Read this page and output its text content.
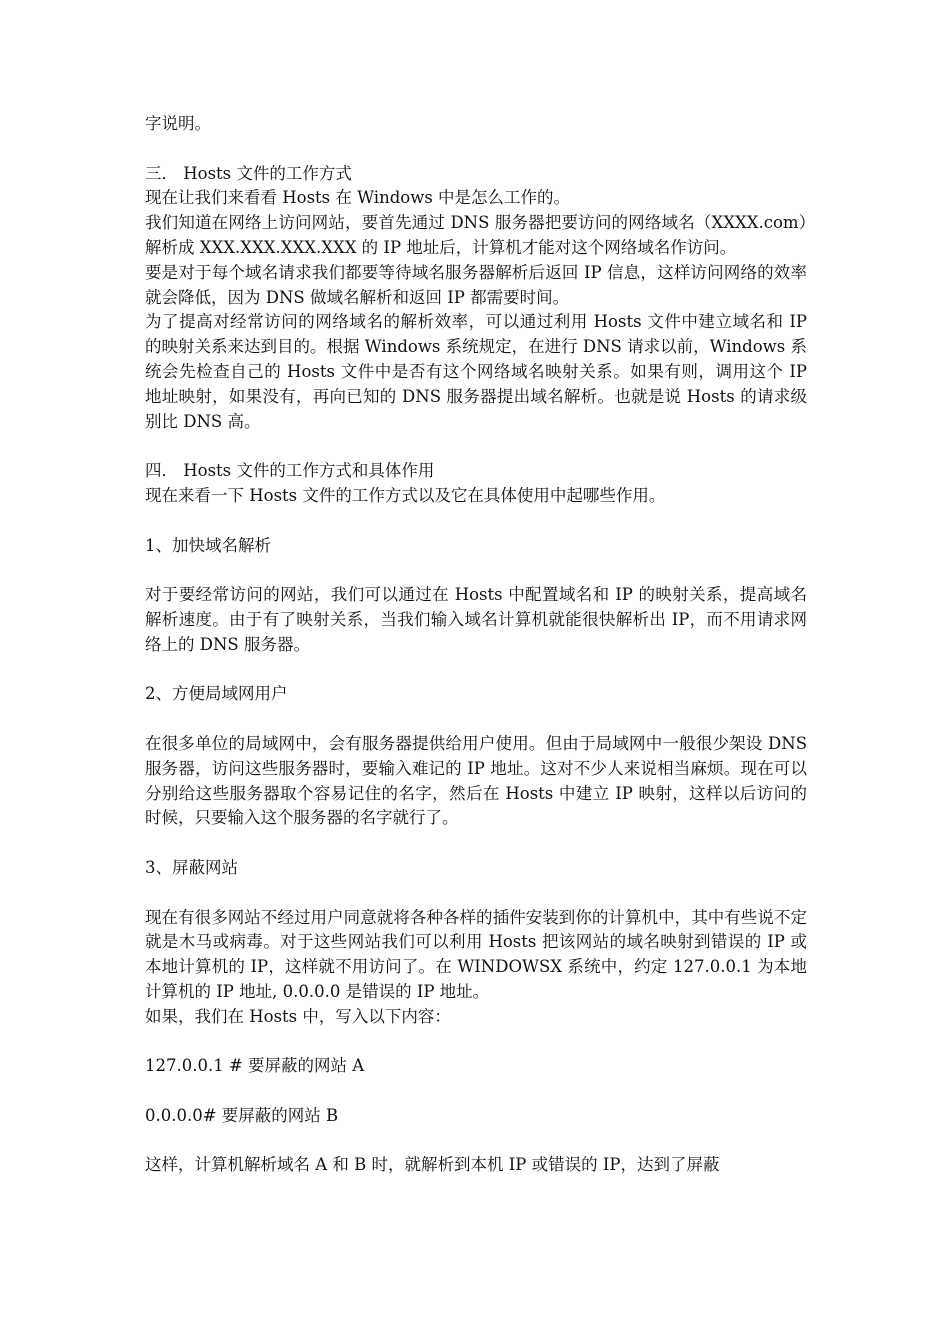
字说明。

三． Hosts 文件的工作方式

现在让我们来看看 Hosts 在 Windows 中是怎么工作的。

我们知道在网络上访问网站，要首先通过 DNS 服务器把要访问的网络域名（XXXX.com）解析成 XXX.XXX.XXX.XXX 的 IP 地址后，计算机才能对这个网络域名作访问。

要是对于每个域名请求我们都要等待域名服务器解析后返回 IP 信息，这样访问网络的效率就会降低，因为 DNS 做域名解析和返回 IP 都需要时间。

为了提高对经常访问的网络域名的解析效率，可以通过利用 Hosts 文件中建立域名和 IP 的映射关系来达到目的。根据 Windows 系统规定，在进行 DNS 请求以前，Windows 系统会先检查自己的 Hosts 文件中是否有这个网络域名映射关系。如果有则，调用这个 IP 地址映射，如果没有，再向已知的 DNS 服务器提出域名解析。也就是说 Hosts 的请求级别比 DNS 高。

四． Hosts 文件的工作方式和具体作用

现在来看一下 Hosts 文件的工作方式以及它在具体使用中起哪些作用。

1、加快域名解析

对于要经常访问的网站，我们可以通过在 Hosts 中配置域名和 IP 的映射关系，提高域名解析速度。由于有了映射关系，当我们输入域名计算机就能很快解析出 IP，而不用请求网络上的 DNS 服务器。

2、方便局域网用户

在很多单位的局域网中，会有服务器提供给用户使用。但由于局域网中一般很少架设 DNS 服务器，访问这些服务器时，要输入难记的 IP 地址。这对不少人来说相当麻烦。现在可以分别给这些服务器取个容易记住的名字，然后在 Hosts 中建立 IP 映射，这样以后访问的时候，只要输入这个服务器的名字就行了。

3、屏蔽网站

现在有很多网站不经过用户同意就将各种各样的插件安装到你的计算机中，其中有些说不定就是木马或病毒。对于这些网站我们可以利用 Hosts 把该网站的域名映射到错误的 IP 或本地计算机的 IP，这样就不用访问了。在 WINDOWSX 系统中，约定 127.0.0.1 为本地计算机的 IP 地址, 0.0.0.0 是错误的 IP 地址。

如果，我们在 Hosts 中，写入以下内容：

127.0.0.1 # 要屏蔽的网站 A

0.0.0.0# 要屏蔽的网站 B

这样，计算机解析域名 A 和 B 时，就解析到本机 IP 或错误的 IP，达到了屏蔽
